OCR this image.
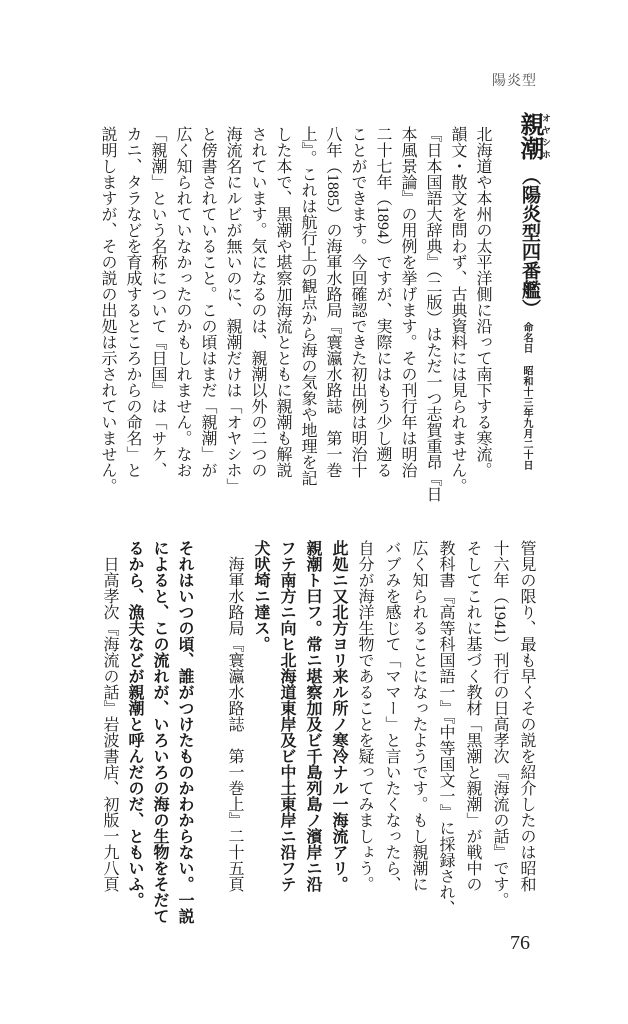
陽炎型
親潮 オヤシホ（陽炎型四番艦）
命名日昭和十三年九月二十日
北海道や本州の太平洋側に沿って南下する寒流。
韻文・散文を問わず、古典資料には見られません。
『日本国語大辞典』（二版）はただ一つ志賀重昂『日
本風景論』の用例を挙げます。その刊行年は明治
二十七年（1894）ですが、実際にはもう少し遡る
ことができます。今回確認できた初出例は明治十
八年（1885）の海軍水路局『寰瀛水路誌　第一巻
上』。これは航行上の観点から海の気象や地理を記
した本で、黒潮や堪察加海流とともに親潮も解説
されています。気になるのは、親潮以外の二つの
海流名にルビが無いのに、親潮だけは「オヤシホ」
と傍書されていること。この頃はまだ「親潮」が
広く知られていなかったのかもしれません。なお
「親潮」という名称について『日国』は「サケ、
カニ、タラなどを育成するところからの命名」と
説明しますが、その説の出処は示されていません。
管見の限り、最も早くその説を紹介したのは昭和
十六年（1941）刊行の日高孝次『海流の話』です。
そしてこれに基づく教材「黒潮と親潮」が戦中の
教科書『高等科国語一』『中等国文一』に採録され、
広く知られることになったようです。もし親潮に
バブみを感じて「ママー」と言いたくなったら、
自分が海洋生物であることを疑ってみましょう。
此処ニ又北方ヨリ来ル所ノ寒冷ナル一海流アリ。
親潮ト曰フ。常ニ堪察加及ビ千島列島ノ濱岸ニ沿
フテ南方ニ向ヒ北海道東岸及ビ中土東岸ニ沿フテ
犬吠埼ニ達ス。
海軍水路局『寰瀛水路誌　第一巻上』二十五頁
それはいつの頃、誰がつけたものかわからない。一説
によると、この流れが、いろいろの海の生物をそだて
るから、漁夫などが親潮と呼んだのだ、ともいふ。
日高孝次『海流の話』岩波書店、初版一九八頁
76
